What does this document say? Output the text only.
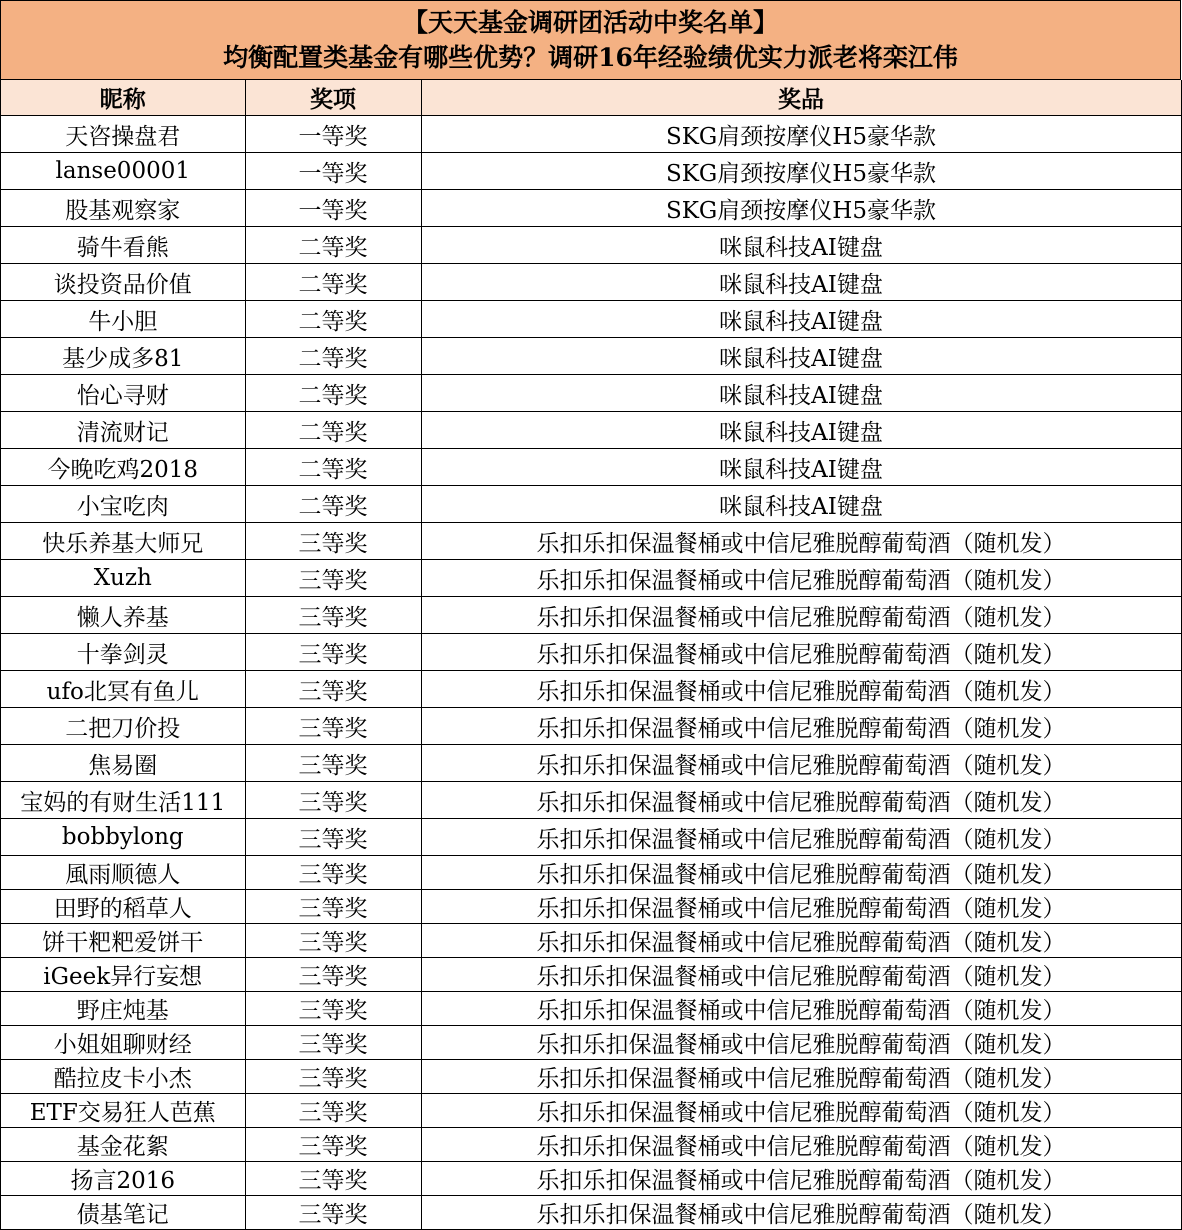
【天天基金调研团活动中奖名单】
均衡配置类基金有哪些优势？调研16年经验绩优实力派老将栾江伟
昵称	奖项	奖品
天咨操盘君	一等奖	SKG肩颈按摩仪H5豪华款
lanse00001	一等奖	SKG肩颈按摩仪H5豪华款
股基观察家	一等奖	SKG肩颈按摩仪H5豪华款
骑牛看熊	二等奖	咪鼠科技AI键盘
谈投资品价值	二等奖	咪鼠科技AI键盘
牛小胆	二等奖	咪鼠科技AI键盘
基少成多81	二等奖	咪鼠科技AI键盘
怡心寻财	二等奖	咪鼠科技AI键盘
清流财记	二等奖	咪鼠科技AI键盘
今晚吃鸡2018	二等奖	咪鼠科技AI键盘
小宝吃肉	二等奖	咪鼠科技AI键盘
快乐养基大师兄	三等奖	乐扣乐扣保温餐桶或中信尼雅脱醇葡萄酒（随机发）
Xuzh	三等奖	乐扣乐扣保温餐桶或中信尼雅脱醇葡萄酒（随机发）
懒人养基	三等奖	乐扣乐扣保温餐桶或中信尼雅脱醇葡萄酒（随机发）
十拳剑灵	三等奖	乐扣乐扣保温餐桶或中信尼雅脱醇葡萄酒（随机发）
ufo北冥有鱼儿	三等奖	乐扣乐扣保温餐桶或中信尼雅脱醇葡萄酒（随机发）
二把刀价投	三等奖	乐扣乐扣保温餐桶或中信尼雅脱醇葡萄酒（随机发）
焦易圈	三等奖	乐扣乐扣保温餐桶或中信尼雅脱醇葡萄酒（随机发）
宝妈的有财生活111	三等奖	乐扣乐扣保温餐桶或中信尼雅脱醇葡萄酒（随机发）
bobbylong	三等奖	乐扣乐扣保温餐桶或中信尼雅脱醇葡萄酒（随机发）
風雨顺德人	三等奖	乐扣乐扣保温餐桶或中信尼雅脱醇葡萄酒（随机发）
田野的稻草人	三等奖	乐扣乐扣保温餐桶或中信尼雅脱醇葡萄酒（随机发）
饼干粑粑爱饼干	三等奖	乐扣乐扣保温餐桶或中信尼雅脱醇葡萄酒（随机发）
iGeek异行妄想	三等奖	乐扣乐扣保温餐桶或中信尼雅脱醇葡萄酒（随机发）
野庄炖基	三等奖	乐扣乐扣保温餐桶或中信尼雅脱醇葡萄酒（随机发）
小姐姐聊财经	三等奖	乐扣乐扣保温餐桶或中信尼雅脱醇葡萄酒（随机发）
酷拉皮卡小杰	三等奖	乐扣乐扣保温餐桶或中信尼雅脱醇葡萄酒（随机发）
ETF交易狂人芭蕉	三等奖	乐扣乐扣保温餐桶或中信尼雅脱醇葡萄酒（随机发）
基金花絮	三等奖	乐扣乐扣保温餐桶或中信尼雅脱醇葡萄酒（随机发）
扬言2016	三等奖	乐扣乐扣保温餐桶或中信尼雅脱醇葡萄酒（随机发）
债基笔记	三等奖	乐扣乐扣保温餐桶或中信尼雅脱醇葡萄酒（随机发）
